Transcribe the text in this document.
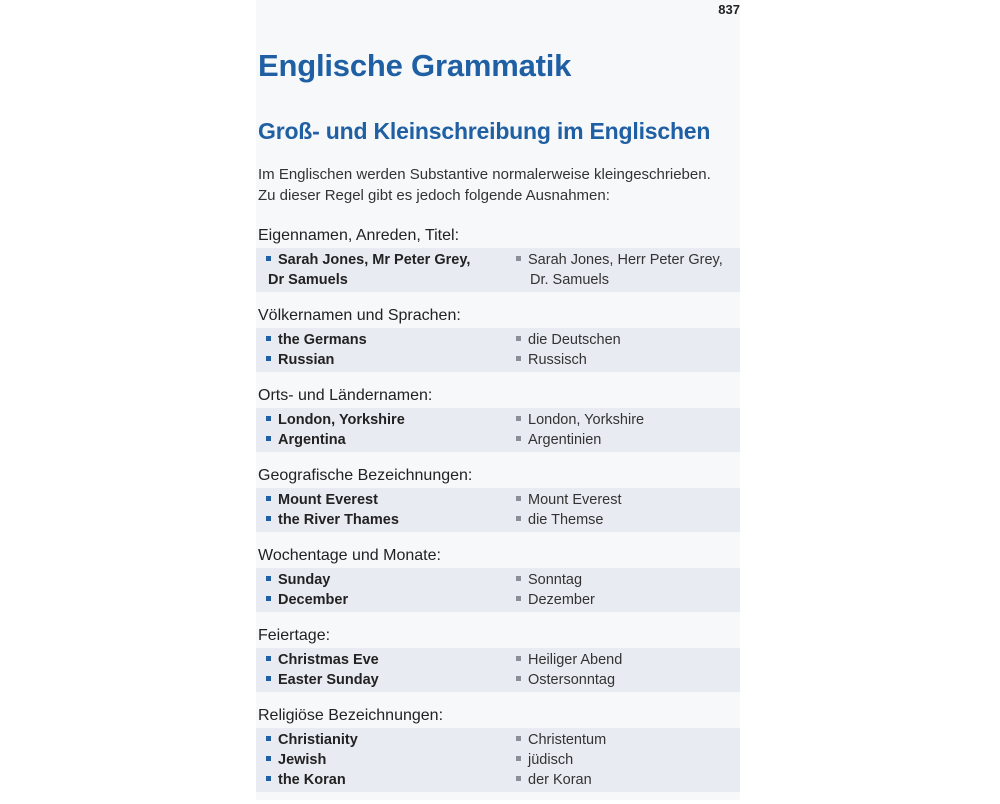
837
Englische Grammatik
Groß- und Kleinschreibung im Englischen
Im Englischen werden Substantive normalerweise kleingeschrieben. Zu dieser Regel gibt es jedoch folgende Ausnahmen:
Eigennamen, Anreden, Titel:
Sarah Jones, Mr Peter Grey,	Sarah Jones, Herr Peter Grey,
Dr Samuels	Dr. Samuels
Völkernamen und Sprachen:
the Germans	die Deutschen
Russian	Russisch
Orts- und Ländernamen:
London, Yorkshire	London, Yorkshire
Argentina	Argentinien
Geografische Bezeichnungen:
Mount Everest	Mount Everest
the River Thames	die Themse
Wochentage und Monate:
Sunday	Sonntag
December	Dezember
Feiertage:
Christmas Eve	Heiliger Abend
Easter Sunday	Ostersonntag
Religiöse Bezeichnungen:
Christianity	Christentum
Jewish	jüdisch
the Koran	der Koran
